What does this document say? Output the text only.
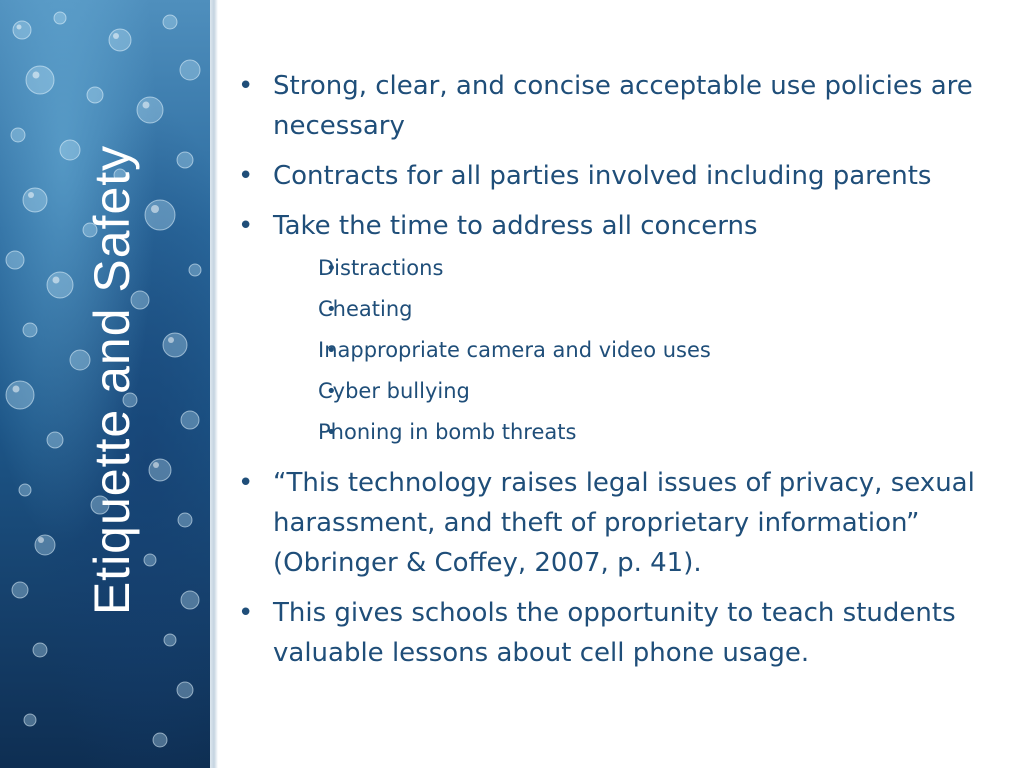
Etiquette and Safety
• Strong, clear, and concise acceptable use policies are necessary
• Contracts for all parties involved including parents
• Take the time to address all concerns
• Distractions
• Cheating
• Inappropriate camera and video uses
• Cyber bullying
• Phoning in bomb threats
• “This technology raises legal issues of privacy, sexual harassment, and theft of proprietary information” (Obringer & Coffey, 2007, p. 41).
• This gives schools the opportunity to teach students valuable lessons about cell phone usage.
